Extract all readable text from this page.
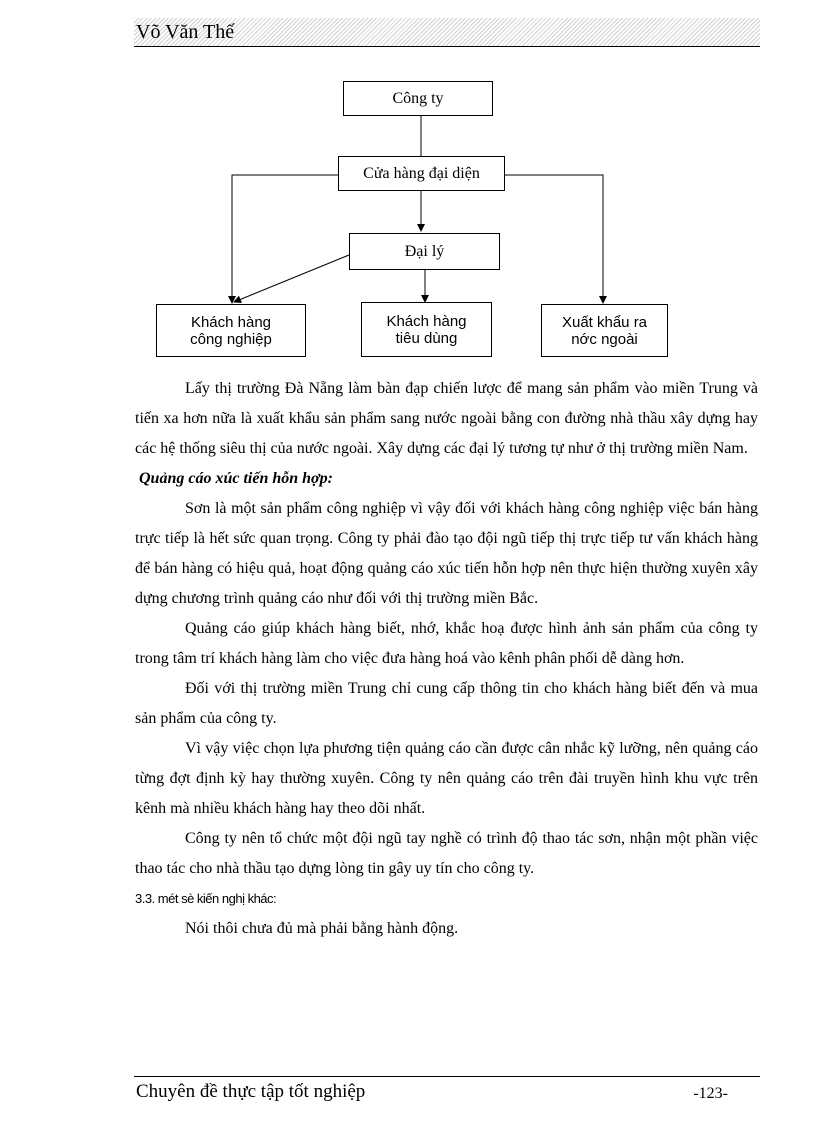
Võ Văn Thế
Công ty
Cửa hàng đại diện
Đại lý
Khách hàng
công nghiệp
Khách hàng
tiêu dùng
Xuất khẩu ra
nớc ngoài

Lấy thị trường Đà Nẵng làm bàn đạp chiến lược để mang sản phẩm vào miền Trung và tiến xa hơn nữa là xuất khẩu sản phẩm sang nước ngoài bằng con đường nhà thầu xây dựng hay các hệ thống siêu thị của nước ngoài. Xây dựng các đại lý tương tự như ở thị trường miền Nam.

Quảng cáo xúc tiến hỗn hợp:

Sơn là một sản phẩm công nghiệp vì vậy đối với khách hàng công nghiệp việc bán hàng trực tiếp là hết sức quan trọng. Công ty phải đào tạo đội ngũ tiếp thị trực tiếp tư vấn khách hàng để bán hàng có hiệu quả, hoạt động quảng cáo xúc tiến hỗn hợp nên thực hiện thường xuyên xây dựng chương trình quảng cáo như đối với thị trường miền Bắc.

Quảng cáo giúp khách hàng biết, nhớ, khắc hoạ được hình ảnh sản phẩm của công ty trong tâm trí khách hàng làm cho việc đưa hàng hoá vào kênh phân phối dễ dàng hơn.

Đối với thị trường miền Trung chỉ cung cấp thông tin cho khách hàng biết đến và mua sản phẩm của công ty.

Vì vậy việc chọn lựa phương tiện quảng cáo cần được cân nhắc kỹ lưỡng, nên quảng cáo từng đợt định kỳ hay thường xuyên. Công ty nên quảng cáo trên đài truyền hình khu vực trên kênh mà nhiều khách hàng hay theo dõi nhất.

Công ty nên tổ chức một đội ngũ tay nghề có trình độ thao tác sơn, nhận một phần việc thao tác cho nhà thầu tạo dựng lòng tin gây uy tín cho công ty.

3.3. mét sè kiến nghị khác:

Nói thôi chưa đủ mà phải bằng hành động.

Chuyên đề thực tập tốt nghiệp	-123-
